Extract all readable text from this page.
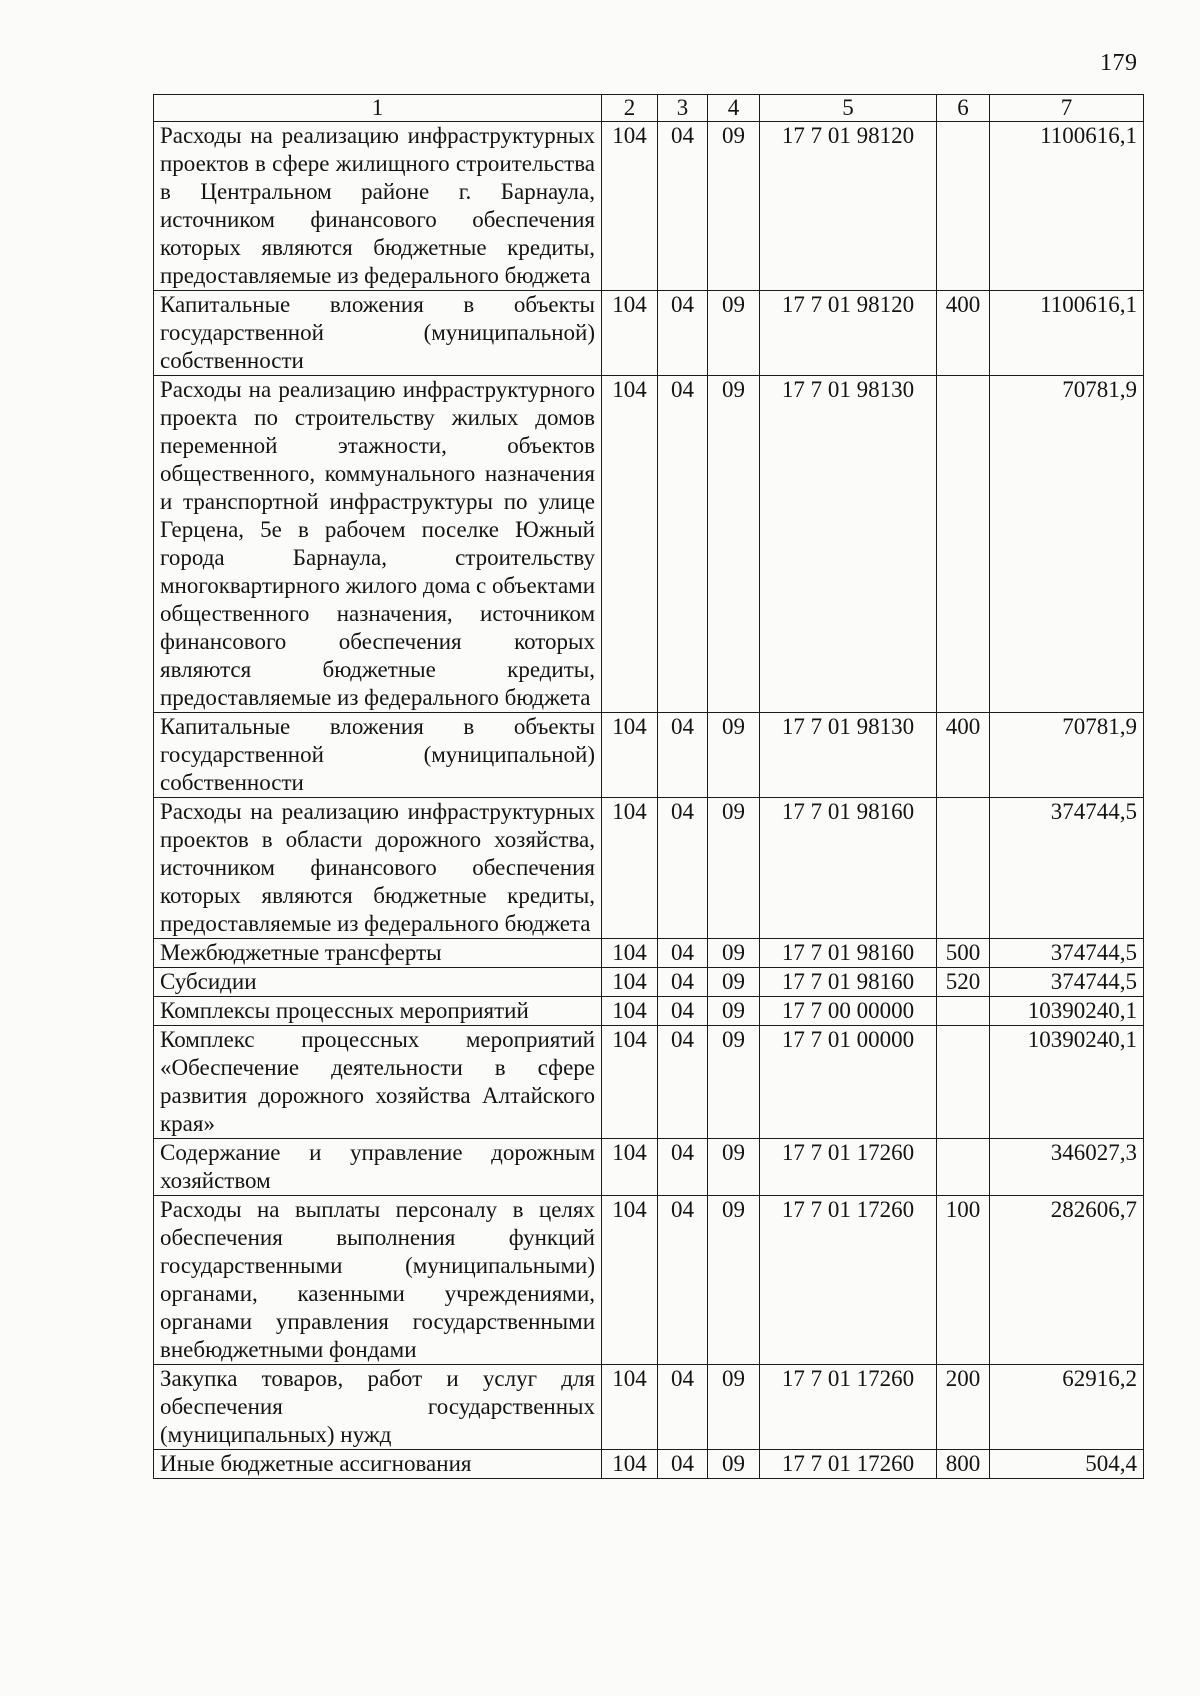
179
1	2	3	4	5	6	7
Расходы на реализацию инфраструктурных проектов в сфере жилищного строительства в Центральном районе г. Барнаула, источником финансового обеспечения которых являются бюджетные кредиты, предоставляемые из федерального бюджета	104	04	09	17 7 01 98120		1100616,1
Капитальные вложения в объекты государственной (муниципальной) собственности	104	04	09	17 7 01 98120	400	1100616,1
Расходы на реализацию инфраструктурного проекта по строительству жилых домов переменной этажности, объектов общественного, коммунального назначения и транспортной инфраструктуры по улице Герцена, 5е в рабочем поселке Южный города Барнаула, строительству многоквартирного жилого дома с объектами общественного назначения, источником финансового обеспечения которых являются бюджетные кредиты, предоставляемые из федерального бюджета	104	04	09	17 7 01 98130		70781,9
Капитальные вложения в объекты государственной (муниципальной) собственности	104	04	09	17 7 01 98130	400	70781,9
Расходы на реализацию инфраструктурных проектов в области дорожного хозяйства, источником финансового обеспечения которых являются бюджетные кредиты, предоставляемые из федерального бюджета	104	04	09	17 7 01 98160		374744,5
Межбюджетные трансферты	104	04	09	17 7 01 98160	500	374744,5
Субсидии	104	04	09	17 7 01 98160	520	374744,5
Комплексы процессных мероприятий	104	04	09	17 7 00 00000		10390240,1
Комплекс процессных мероприятий «Обеспечение деятельности в сфере развития дорожного хозяйства Алтайского края»	104	04	09	17 7 01 00000		10390240,1
Содержание и управление дорожным хозяйством	104	04	09	17 7 01 17260		346027,3
Расходы на выплаты персоналу в целях обеспечения выполнения функций государственными (муниципальными) органами, казенными учреждениями, органами управления государственными внебюджетными фондами	104	04	09	17 7 01 17260	100	282606,7
Закупка товаров, работ и услуг для обеспечения государственных (муниципальных) нужд	104	04	09	17 7 01 17260	200	62916,2
Иные бюджетные ассигнования	104	04	09	17 7 01 17260	800	504,4
